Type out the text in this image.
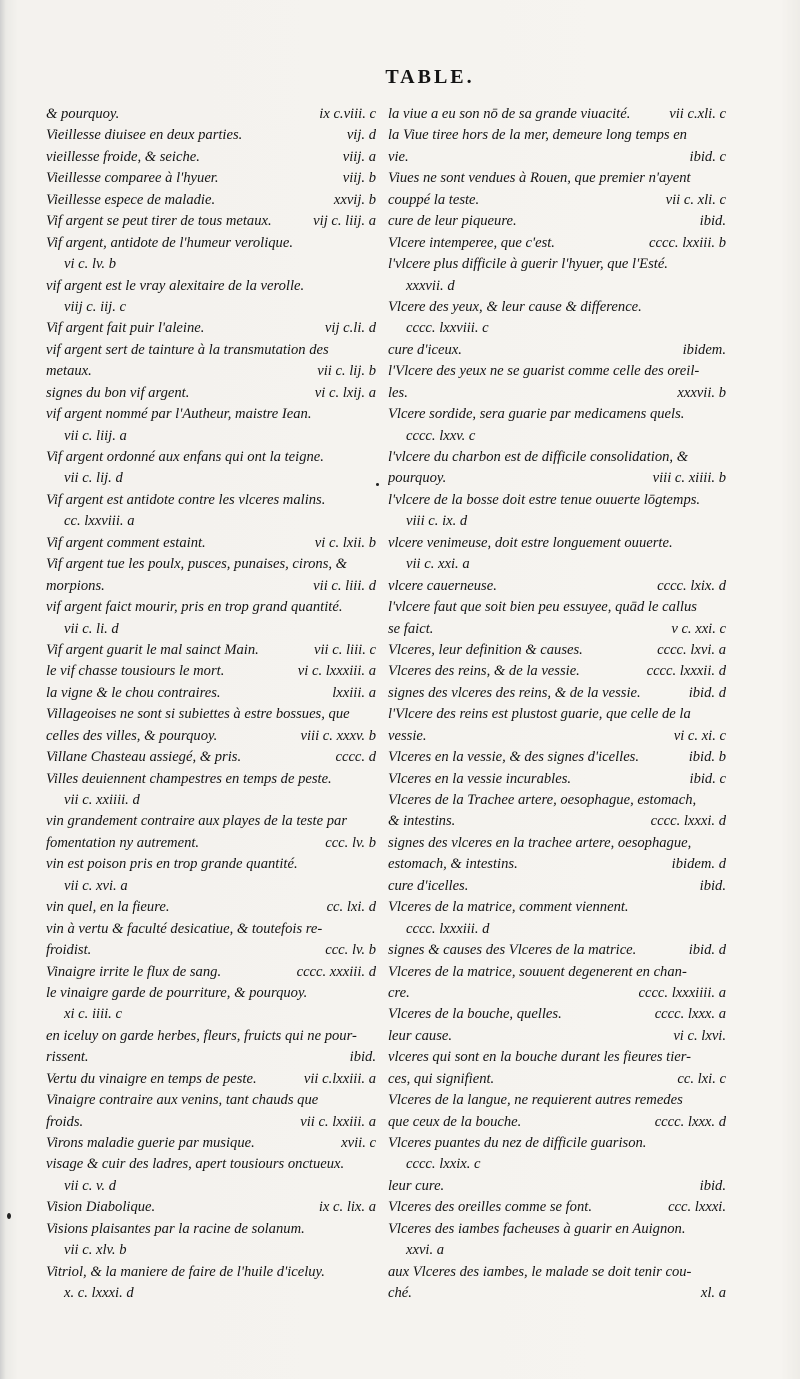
TABLE.
& pourquoy.	ix c.viii. c
Vieillesse diuisee en deux parties.	vij. d
vieillesse froide, & seiche.	viij. a
Vieillesse comparee à l'hyuer.	viij. b
Vieillesse espece de maladie.	xxvij. b
Vif argent se peut tirer de tous metaux.	vij c. liij. a
Vif argent, antidote de l'humeur verolique.
vi c. lv. b
vif argent est le vray alexitaire de la verolle.
viij c. iij. c
Vif argent fait puir l'aleine.	vij c.li. d
vif argent sert de tainture à la transmutation des
metaux.	vii c. lij. b
signes du bon vif argent.	vi c. lxij. a
vif argent nommé par l'Autheur, maistre Iean.
vii c. liij. a
Vif argent ordonné aux enfans qui ont la teigne.
vii c. lij. d
Vif argent est antidote contre les vlceres malins.
cc. lxxviii. a
Vif argent comment estaint.	vi c. lxii. b
Vif argent tue les poulx, pusces, punaises, cirons, &
morpions.	vii c. liii. d
vif argent faict mourir, pris en trop grand quantité.
vii c. li. d
Vif argent guarit le mal sainct Main.	vii c. liii. c
le vif chasse tousiours le mort.	vi c. lxxxiii. a
la vigne & le chou contraires.	lxxiii. a
Villageoises ne sont si subiettes à estre bossues, que
celles des villes, & pourquoy.	viii c. xxxv. b
Villane Chasteau assiegé, & pris.	cccc. d
Villes deuiennent champestres en temps de peste.
vii c. xxiiii. d
vin grandement contraire aux playes de la teste par
fomentation ny autrement.	ccc. lv. b
vin est poison pris en trop grande quantité.
vii c. xvi. a
vin quel, en la fieure.	cc. lxi. d
vin à vertu & faculté desicatiue, & toutefois re-
froidist.	ccc. lv. b
Vinaigre irrite le flux de sang.	cccc. xxxiii. d
le vinaigre garde de pourriture, & pourquoy.
xi c. iiii. c
en iceluy on garde herbes, fleurs, fruicts qui ne pour-
rissent.	ibid.
Vertu du vinaigre en temps de peste.	vii c.lxxiii. a
Vinaigre contraire aux venins, tant chauds que
froids.	vii c. lxxiii. a
Virons maladie guerie par musique.	xvii. c
visage & cuir des ladres, apert tousiours onctueux.
vii c. v. d
Vision Diabolique.	ix c. lix. a
Visions plaisantes par la racine de solanum.
vii c. xlv. b
Vitriol, & la maniere de faire de l'huile d'iceluy.
x. c. lxxxi. d
la viue a eu son nō de sa grande viuacité.	vii c.xli. c
la Viue tiree hors de la mer, demeure long temps en
vie.	ibid. c
Viues ne sont vendues à Rouen, que premier n'ayent
couppé la teste.	vii c. xli. c
cure de leur piqueure.	ibid.
Vlcere intemperee, que c'est.	cccc. lxxiii. b
l'vlcere plus difficile à guerir l'hyuer, que l'Esté.
xxxvii. d
Vlcere des yeux, & leur cause & difference.
cccc. lxxviii. c
cure d'iceux.	ibidem.
l'Vlcere des yeux ne se guarist comme celle des oreil-
les.	xxxvii. b
Vlcere sordide, sera guarie par medicamens quels.
cccc. lxxv. c
l'vlcere du charbon est de difficile consolidation, &
pourquoy.	viii c. xiiii. b
l'vlcere de la bosse doit estre tenue ouuerte lōgtemps.
viii c. ix. d
vlcere venimeuse, doit estre longuement ouuerte.
vii c. xxi. a
vlcere cauerneuse.	cccc. lxix. d
l'vlcere faut que soit bien peu essuyee, quād le callus
se faict.	v c. xxi. c
Vlceres, leur definition & causes.	cccc. lxvi. a
Vlceres des reins, & de la vessie.	cccc. lxxxii. d
signes des vlceres des reins, & de la vessie.	ibid. d
l'Vlcere des reins est plustost guarie, que celle de la
vessie.	vi c. xi. c
Vlceres en la vessie, & des signes d'icelles.	ibid. b
Vlceres en la vessie incurables.	ibid. c
Vlceres de la Trachee artere, oesophague, estomach,
& intestins.	cccc. lxxxi. d
signes des vlceres en la trachee artere, oesophague,
estomach, & intestins.	ibidem. d
cure d'icelles.	ibid.
Vlceres de la matrice, comment viennent.
cccc. lxxxiii. d
signes & causes des Vlceres de la matrice.	ibid. d
Vlceres de la matrice, souuent degenerent en chan-
cre.	cccc. lxxxiiii. a
Vlceres de la bouche, quelles.	cccc. lxxx. a
leur cause.	vi c. lxvi.
vlceres qui sont en la bouche durant les fieures tier-
ces, qui signifient.	cc. lxi. c
Vlceres de la langue, ne requierent autres remedes
que ceux de la bouche.	cccc. lxxx. d
Vlceres puantes du nez de difficile guarison.
cccc. lxxix. c
leur cure.	ibid.
Vlceres des oreilles comme se font.	ccc. lxxxi.
Vlceres des iambes facheuses à guarir en Auignon.
xxvi. a
aux Vlceres des iambes, le malade se doit tenir cou-
ché.	xl. a
